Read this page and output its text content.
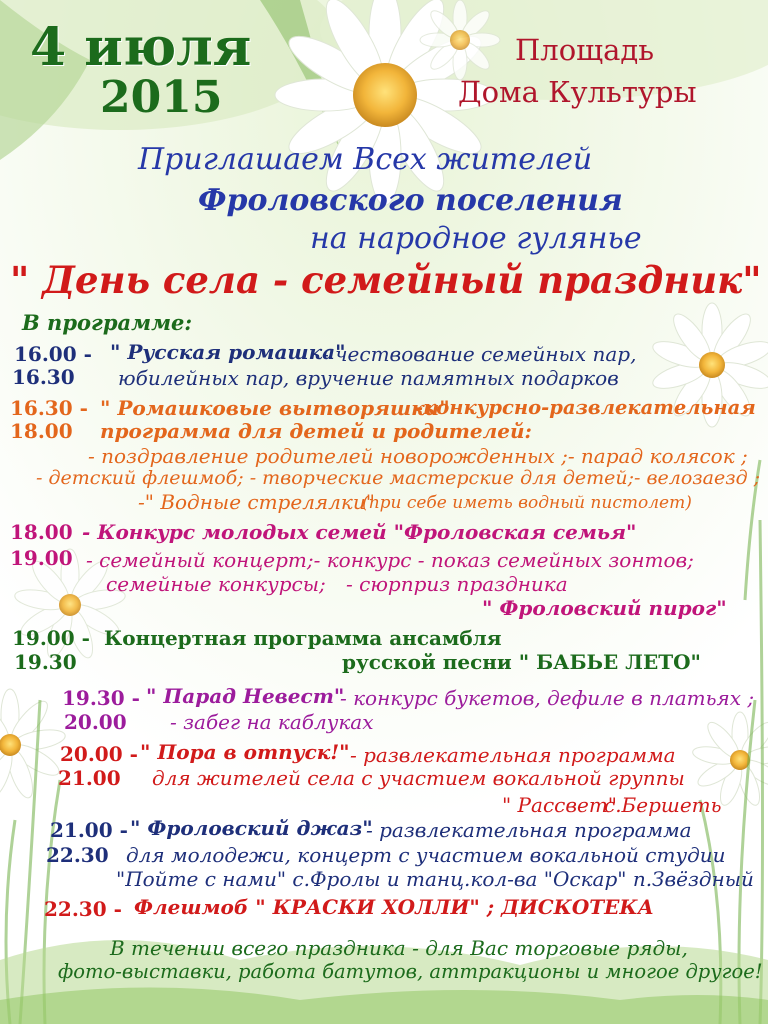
4 июля
2015
Площадь
Дома Культуры
Приглашаем Всех жителей
Фроловского поселения
на народное гулянье
" День села - семейный праздник"
В программе:
16.00 -
16.30
" Русская ромашка"
- чествование семейных пар,
юбилейных пар, вручение памятных подарков
16.30 -
18.00
" Ромашковые вытворяшки"
-конкурсно-развлекательная
программа для детей и родителей:
- поздравление родителей новорожденных ;- парад колясок ;
- детский флешмоб; - творческие мастерские для детей;- велозаезд ;
-" Водные стрелялки"
(при себе иметь водный пистолет)
18.00
19.00
- Конкурс молодых семей "Фроловская семья"
- семейный концерт;- конкурс - показ семейных зонтов;
семейные конкурсы; - сюрприз праздника
" Фроловский пирог"
19.00 -
19.30
Концертная программа ансамбля
русской песни " БАБЬЕ ЛЕТО"
19.30 -
20.00
" Парад Невест"
- конкурс букетов, дефиле в платьях ;
- забег на каблуках
20.00 -
21.00
" Пора в отпуск!" - развлекательная программа
для жителей села с участием вокальной группы
" Рассвет"
с.Бершеть
21.00 -
22.30
" Фроловский джаз"
- развлекательная программа
для молодежи, концерт с участием вокальной студии
"Пойте с нами" с.Фролы и танц.кол-ва "Оскар" п.Звёздный
22.30 - Флешмоб " КРАСКИ ХОЛЛИ" ; ДИСКОТЕКА
В течении всего праздника - для Вас торговые ряды,
фото-выставки, работа батутов, аттракционы и многое другое!
